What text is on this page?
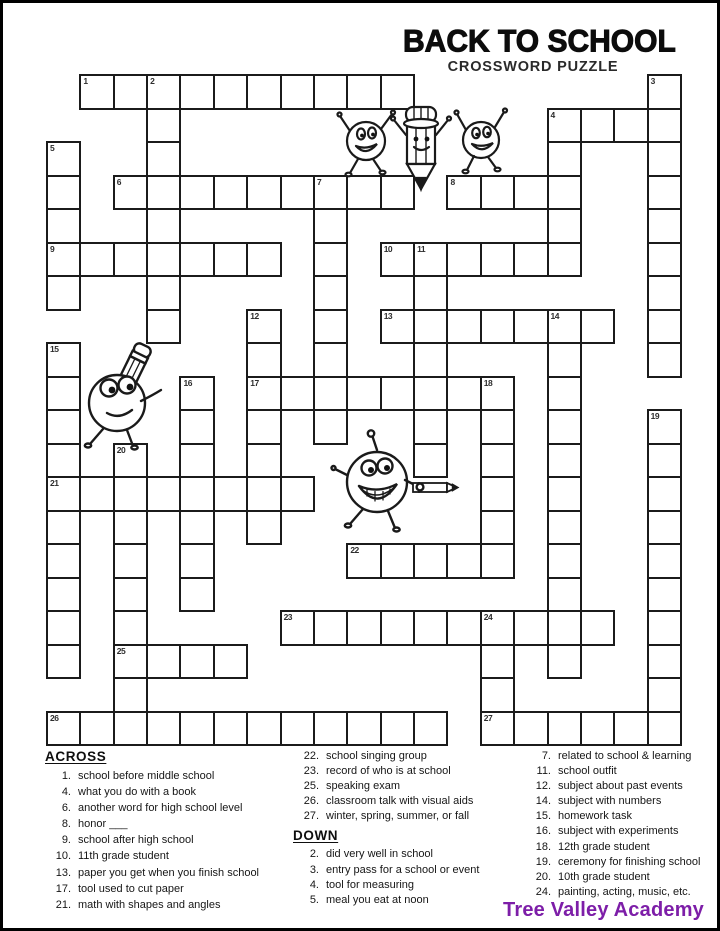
BACK TO SCHOOL
CROSSWORD PUZZLE
1	2
4
6	7	8
9	10	11
13	14
17	18
21
22
23	24
25
26	27
3
5
12
15
16
19
20
ACROSS
1. school before middle school
4. what you do with a book
6. another word for high school level
8. honor ___
9. school after high school
10. 11th grade student
13. paper you get when you finish school
17. tool used to cut paper
21. math with shapes and angles
22. school singing group
23. record of who is at school
25. speaking exam
26. classroom talk with visual aids
27. winter, spring, summer, or fall
DOWN
2. did very well in school
3. entry pass for a school or event
4. tool for measuring
5. meal you eat at noon
7. related to school & learning
11. school outfit
12. subject about past events
14. subject with numbers
15. homework task
16. subject with experiments
18. 12th grade student
19. ceremony for finishing school
20. 10th grade student
24. painting, acting, music, etc.
Tree Valley Academy
